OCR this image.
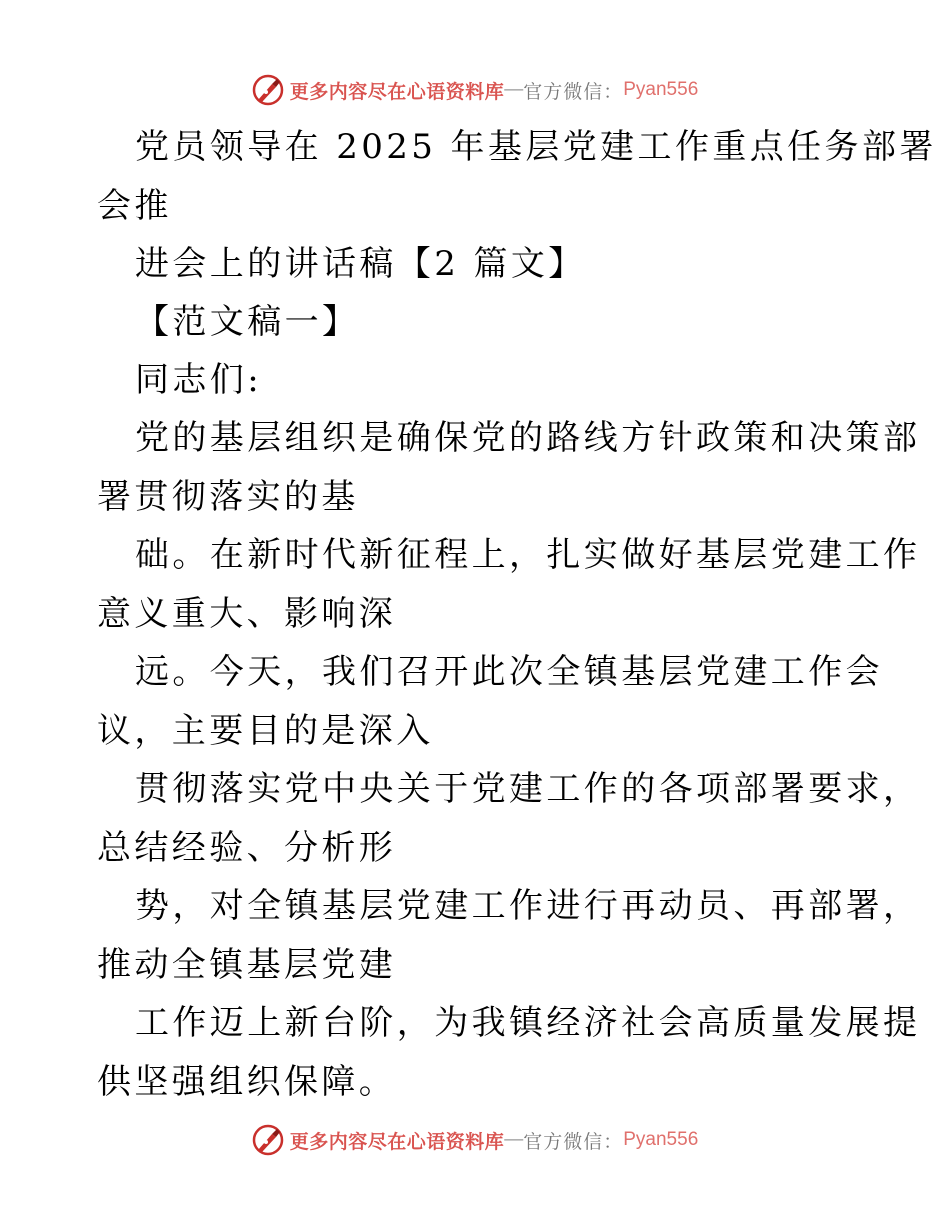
更多内容尽在心语资料库 — 官方微信： Pyan556
党员领导在 2025 年基层党建工作重点任务部署
会推
进会上的讲话稿【2 篇文】
【范文稿一】
同志们:
党的基层组织是确保党的路线方针政策和决策部
署贯彻落实的基
础。在新时代新征程上，扎实做好基层党建工作
意义重大、影响深
远。今天，我们召开此次全镇基层党建工作会
议，主要目的是深入
贯彻落实党中央关于党建工作的各项部署要求，
总结经验、分析形
势，对全镇基层党建工作进行再动员、再部署，
推动全镇基层党建
工作迈上新台阶，为我镇经济社会高质量发展提
供坚强组织保障。
更多内容尽在心语资料库 — 官方微信： Pyan556
